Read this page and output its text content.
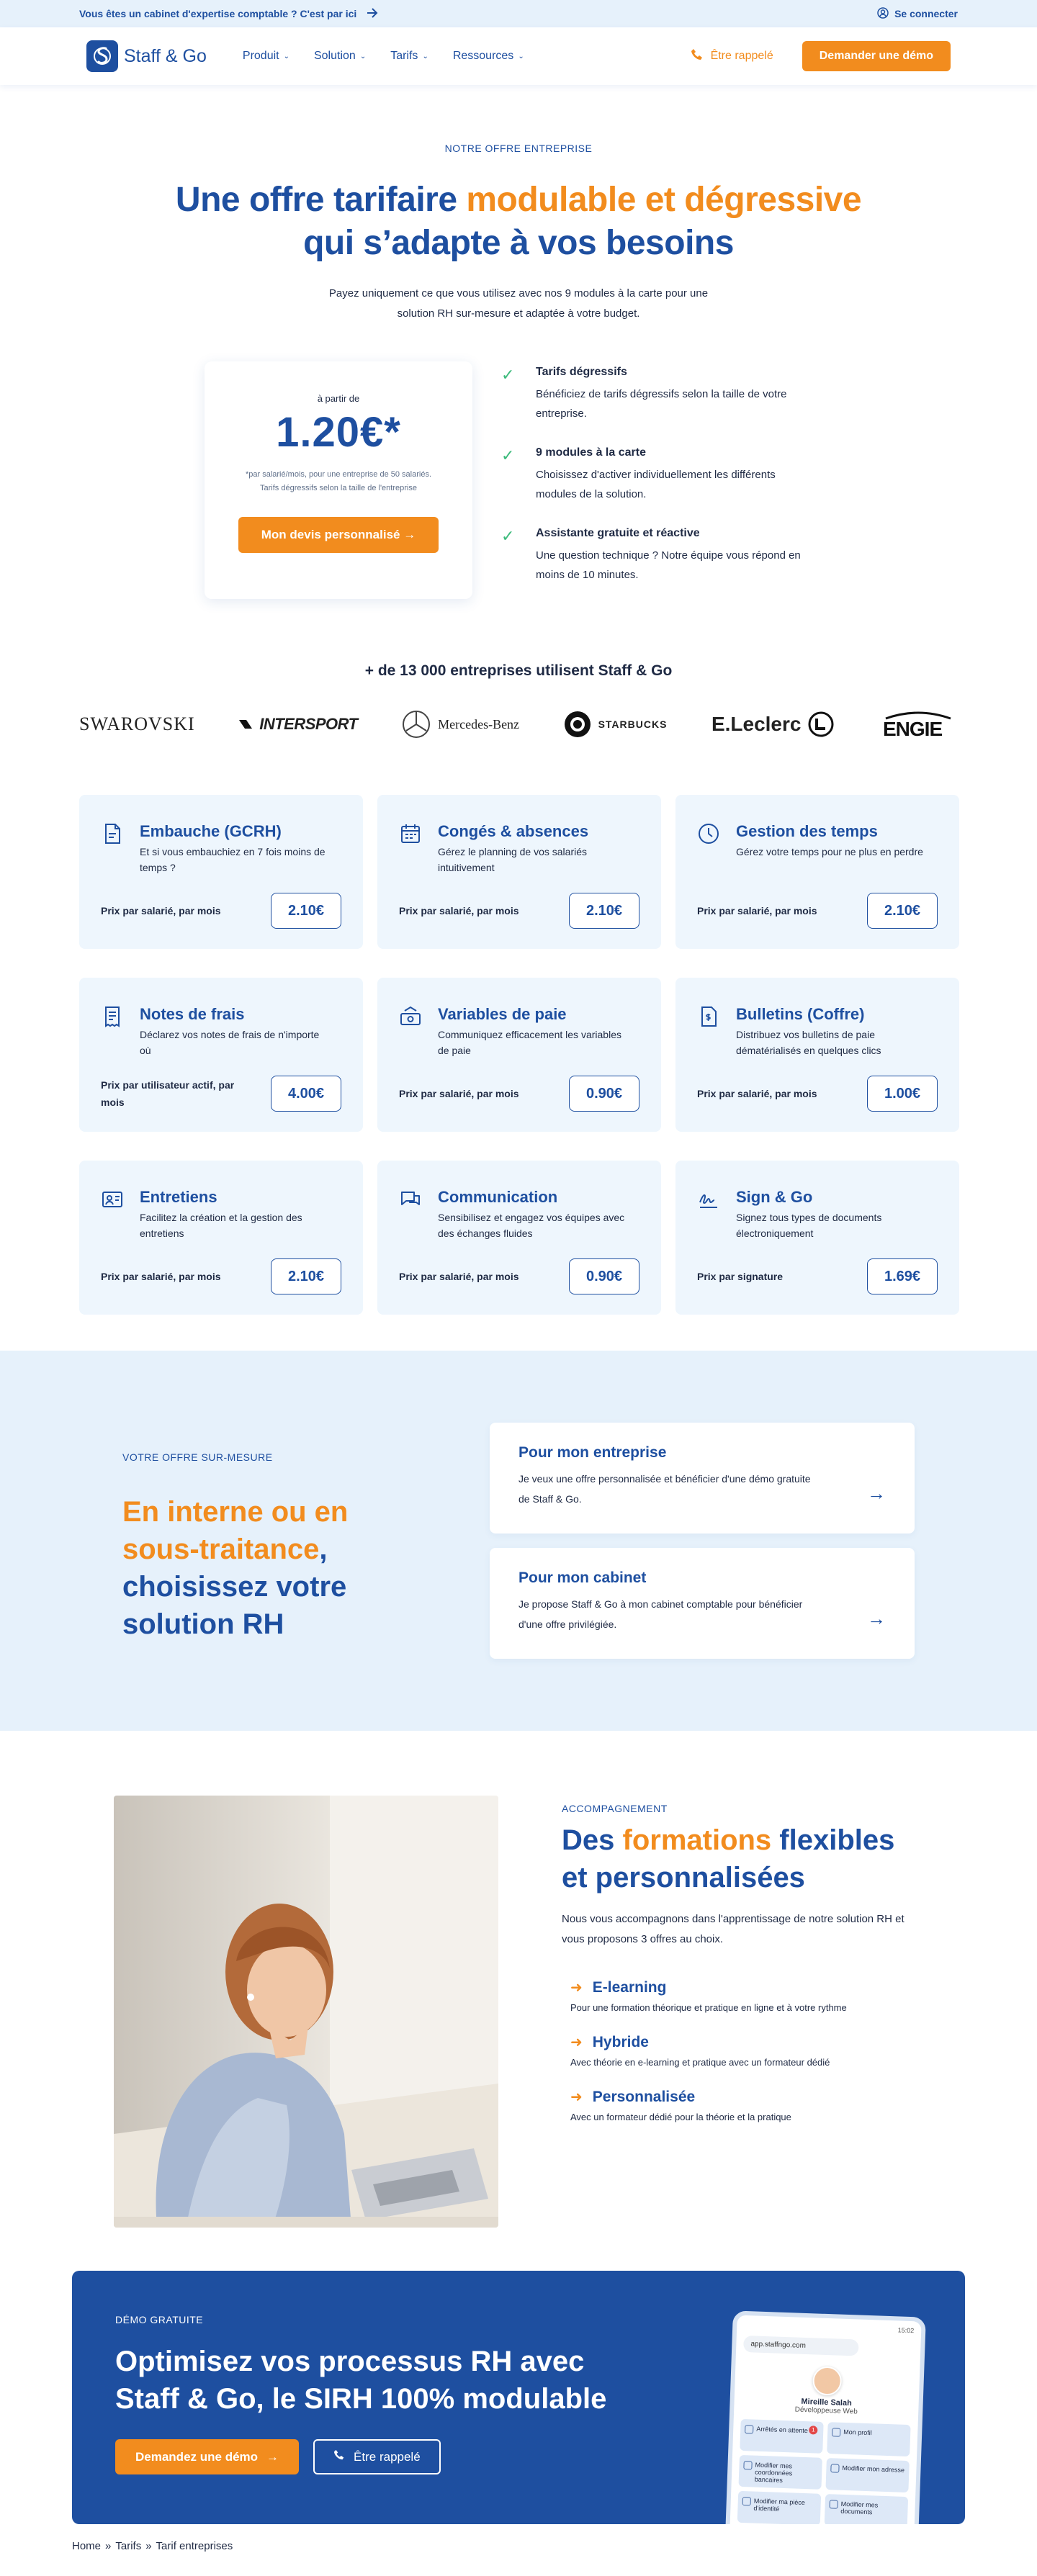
Vous êtes un cabinet d'expertise comptable ? C'est par ici	Se connecter
Staff & Go	Produit ⌄ Solution ⌄ Tarifs ⌄ Ressources ⌄	Être rappelé	Demander une démo
NOTRE OFFRE ENTREPRISE
Une offre tarifaire modulable et dégressive
qui s’adapte à vos besoins

Payez uniquement ce que vous utilisez avec nos 9 modules à la carte pour une solution RH sur-mesure et adaptée à votre budget.

à partir de
1.20€*
*par salarié/mois, pour une entreprise de 50 salariés.
Tarifs dégressifs selon la taille de l'entreprise
Mon devis personnalisé →
✓	Tarifs dégressifs

Bénéficiez de tarifs dégressifs selon la taille de votre entreprise.

✓	9 modules à la carte

Choisissez d'activer individuellement les différents modules de la solution.

✓	Assistante gratuite et réactive

Une question technique ? Notre équipe vous répond en moins de 10 minutes.

+ de 13 000 entreprises utilisent Staff & Go
SWAROVSKI	INTERSPORT	Mercedes-Benz	STARBUCKS E.Leclerc	ENGIE
Embauche (GCRH)

Et si vous embauchiez en 7 fois moins de temps ?

Prix par salarié, par mois	2.10€
Congés & absences

Gérez le planning de vos salariés intuitivement

Prix par salarié, par mois	2.10€
Gestion des temps

Gérez votre temps pour ne plus en perdre

Prix par salarié, par mois	2.10€
Notes de frais

Déclarez vos notes de frais de n'importe où

Prix par utilisateur actif, par mois
4.00€
Variables de paie

Communiquez efficacement les variables de paie

Prix par salarié, par mois	0.90€
Bulletins (Coffre)

Distribuez vos bulletins de paie dématérialisés en quelques clics

Prix par salarié, par mois	1.00€
Entretiens

Facilitez la création et la gestion des entretiens

Prix par salarié, par mois	2.10€
Communication

Sensibilisez et engagez vos équipes avec des échanges fluides

Prix par salarié, par mois	0.90€
Sign & Go

Signez tous types de documents électroniquement

Prix par signature	1.69€
VOTRE OFFRE SUR-MESURE
En interne ou en
sous-traitance,
choisissez votre solution RH
Pour mon entreprise

Je veux une offre personnalisée et bénéficier d'une démo gratuite de Staff & Go.	→
Pour mon cabinet

Je propose Staff & Go à mon cabinet comptable pour bénéficier d'une offre privilégiée.	→
ACCOMPAGNEMENT
Des formations flexibles et personnalisées

Nous vous accompagnons dans l'apprentissage de notre solution RH et vous proposons 3 offres au choix.

➜ E-learning

Pour une formation théorique et pratique en ligne et à votre rythme

➜ Hybride

Avec théorie en e-learning et pratique avec un formateur dédié

➜ Personnalisée

Avec un formateur dédié pour la théorie et la pratique

DÉMO GRATUITE
Optimisez vos processus RH avec Staff & Go, le SIRH 100% modulable
Demandez une démo →	Être rappelé
15:02
app.staffngo.com
Mireille Salah
Développeuse Web
Arrêtés en attente 1	Mon profil
Modifier mes coordonnées bancaires
Modifier mon adresse
Modifier ma pièce d'identité	Modifier mes documents
Home » Tarifs » Tarif entreprises
